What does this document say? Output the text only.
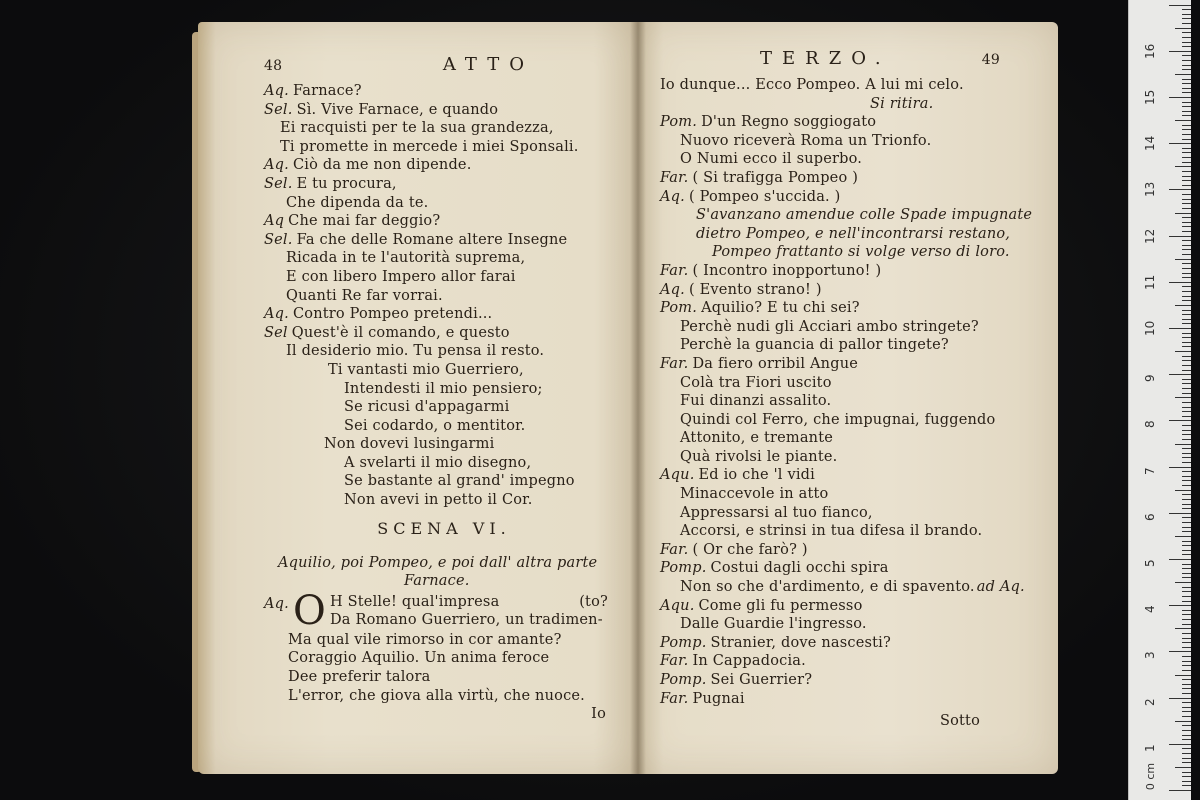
48	ATTO
Aq. Farnace?
Sel. Sì. Vive Farnace, e quando
Ei racquisti per te la sua grandezza,
Ti promette in mercede i miei Sponsali.
Aq. Ciò da me non dipende.
Sel. E tu procura,
Che dipenda da te.
Aq Che mai far deggio?
Sel. Fa che delle Romane altere Insegne
Ricada in te l'autorità suprema,
E con libero Impero allor farai
Quanti Re far vorrai.
Aq. Contro Pompeo pretendi...
Sel Quest'è il comando, e questo
Il desiderio mio. Tu pensa il resto.
Ti vantasti mio Guerriero,
Intendesti il mio pensiero;
Se ricusi d'appagarmi
Sei codardo, o mentitor.
Non dovevi lusingarmi
A svelarti il mio disegno,
Se bastante al grand' impegno
Non avevi in petto il Cor.
SCENA VI.
Aquilio, poi Pompeo, e poi dall' altra parte
Farnace.
Aq. O H Stelle! qual'impresa	(to?
Da Romano Guerriero, un tradimen-
Ma qual vile rimorso in cor amante?
Coraggio Aquilio. Un anima feroce
Dee preferir talora
L'error, che giova alla virtù, che nuoce.
Io
TERZO.	49
Io dunque... Ecco Pompeo. A lui mi celo.
Si ritira.
Pom. D'un Regno soggiogato
Nuovo riceverà Roma un Trionfo.
O Numi ecco il superbo.
Far. ( Si trafigga Pompeo )
Aq. ( Pompeo s'uccida. )
S'avanzano amendue colle Spade impugnate
dietro Pompeo, e nell'incontrarsi restano,
Pompeo frattanto si volge verso di loro.
Far. ( Incontro inopportuno! )
Aq. ( Evento strano! )
Pom. Aquilio? E tu chi sei?
Perchè nudi gli Acciari ambo stringete?
Perchè la guancia di pallor tingete?
Far. Da fiero orribil Angue
Colà tra Fiori uscito
Fui dinanzi assalito.
Quindi col Ferro, che impugnai, fuggendo
Attonito, e tremante
Quà rivolsi le piante.
Aqu. Ed io che 'l vidi
Minaccevole in atto
Appressarsi al tuo fianco,
Accorsi, e strinsi in tua difesa il brando.
Far. ( Or che farò? )
Pomp. Costui dagli occhi spira
Non so che d'ardimento, e di spavento. ad Aq.
Aqu. Come gli fu permesso
Dalle Guardie l'ingresso.
Pomp. Stranier, dove nascesti?
Far. In Cappadocia.
Pomp. Sei Guerrier?
Far. Pugnai
Sotto
0 cm
1
2
3
4
5
6
7
8
9
10
11
12
13
14
15
16
